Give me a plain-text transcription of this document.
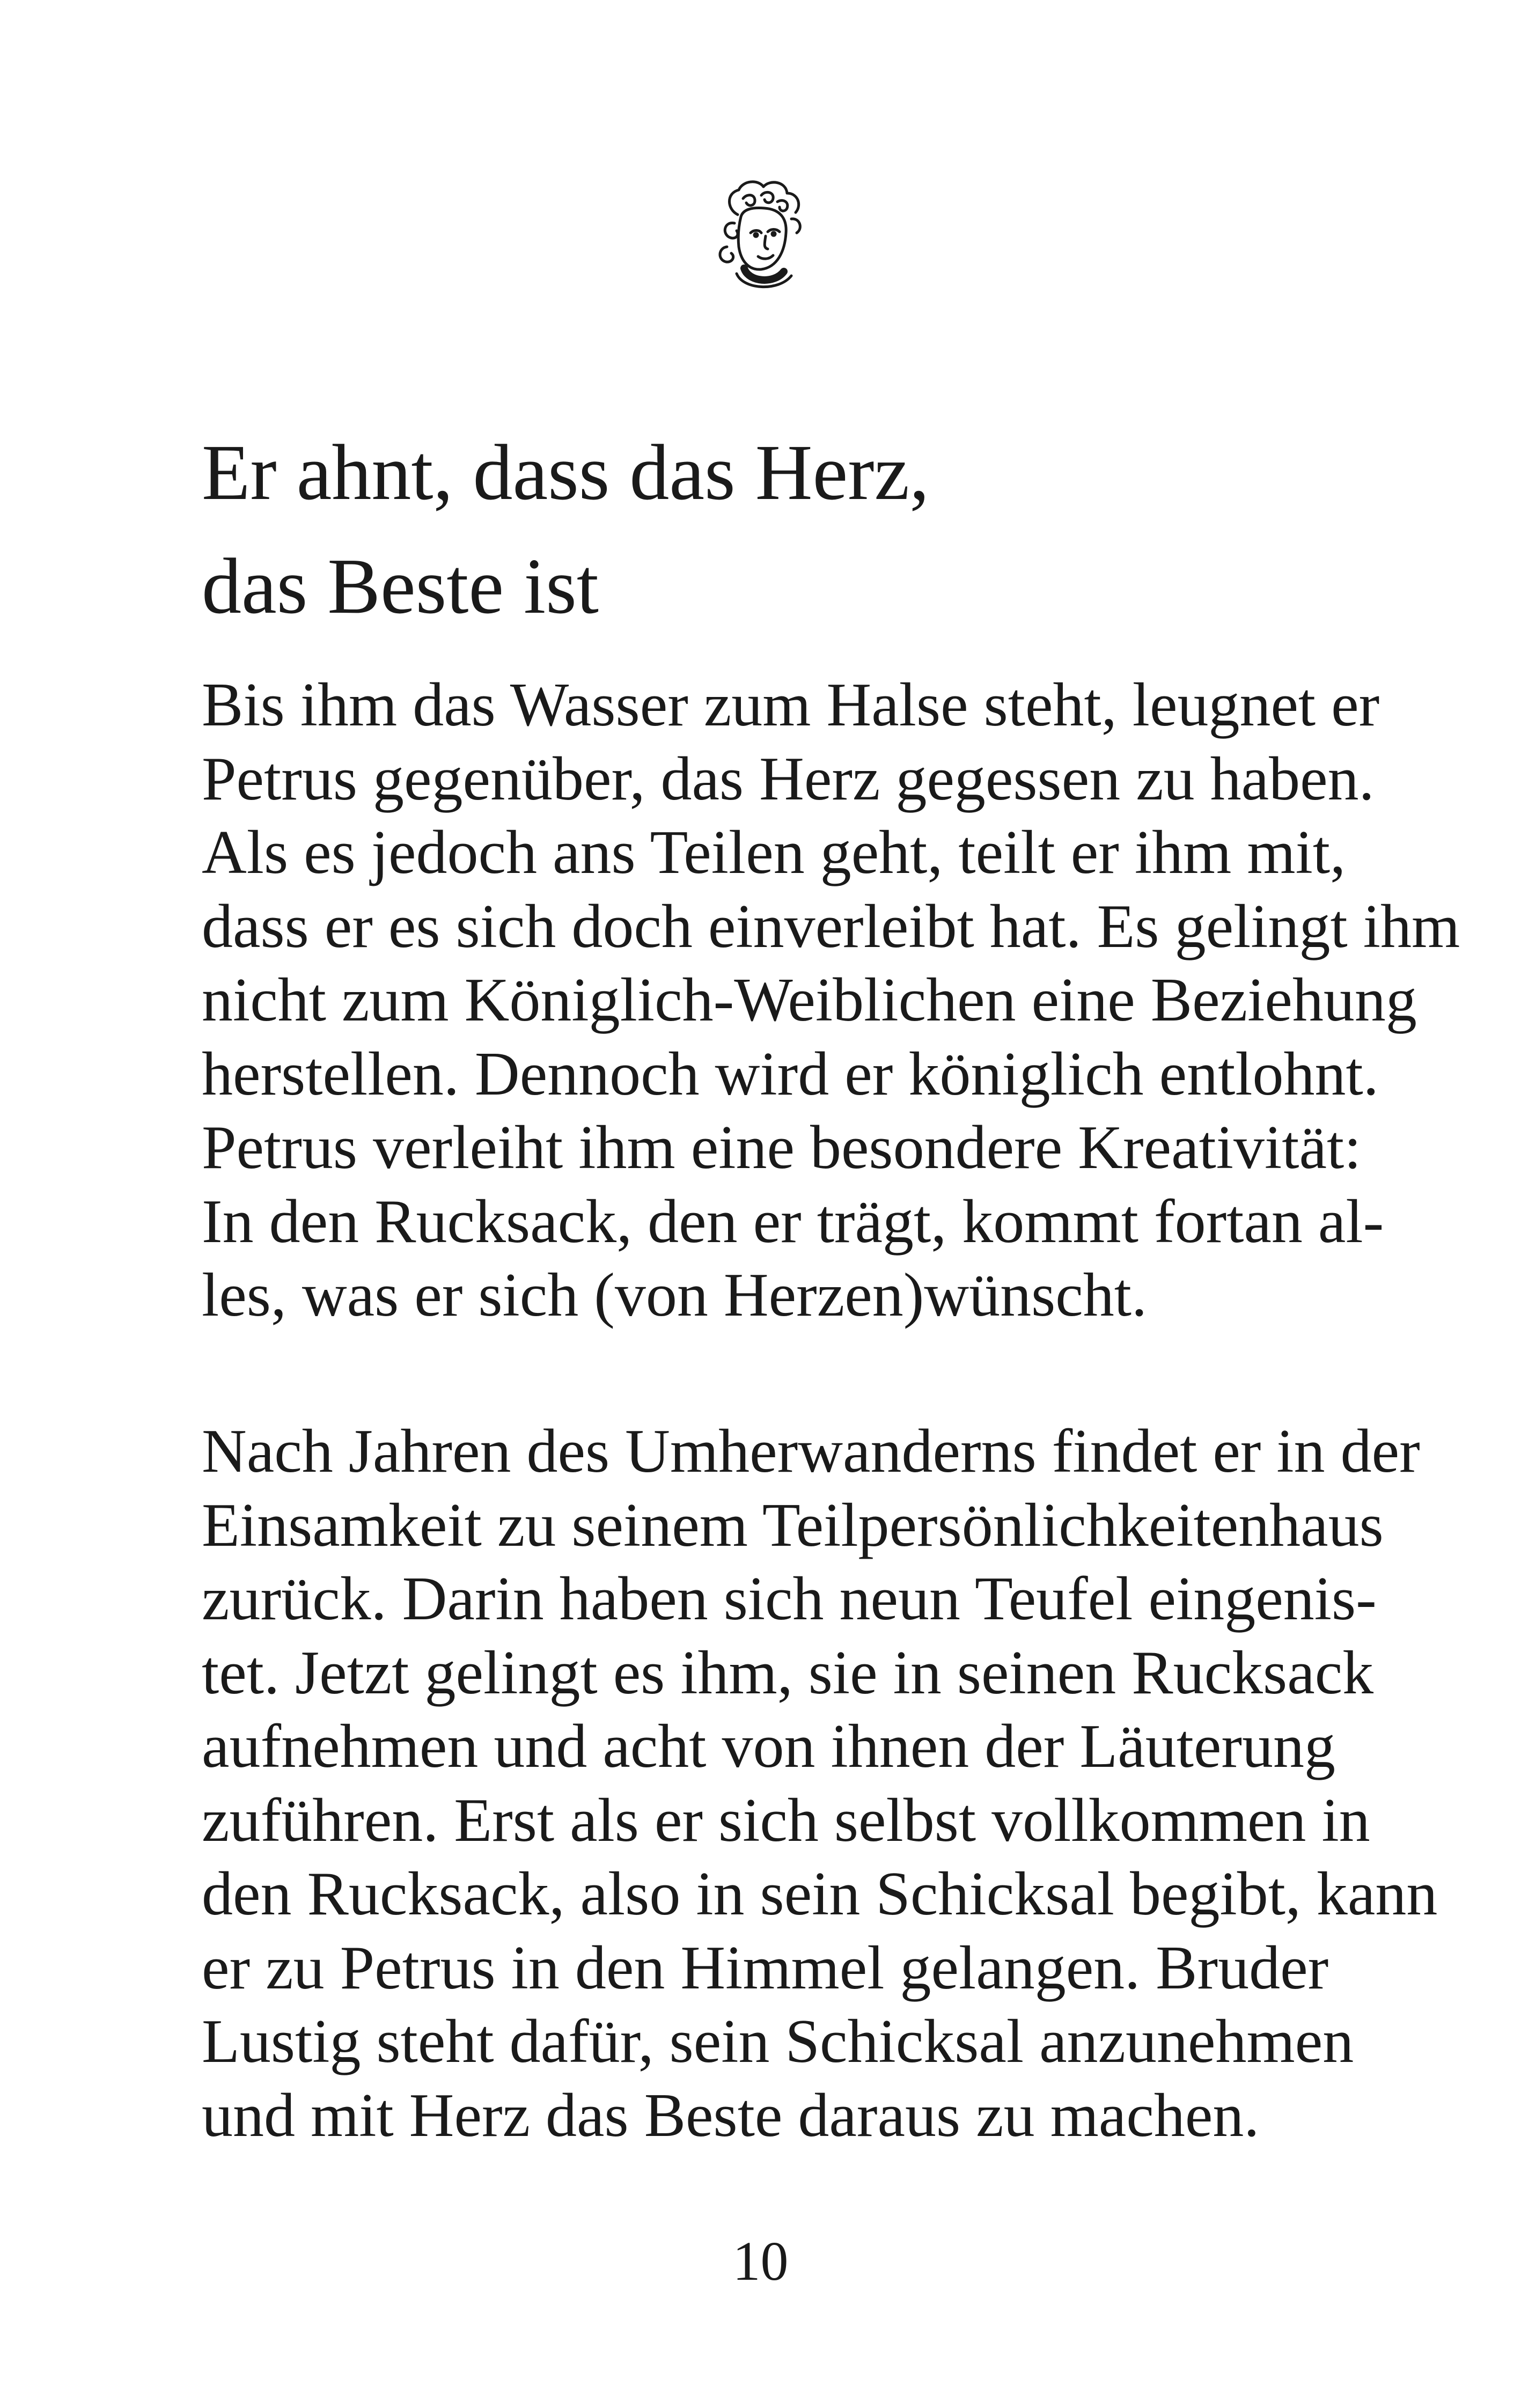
Er ahnt, dass das Herz,
das Beste ist
Bis ihm das Wasser zum Halse steht, leugnet er
Petrus gegenüber, das Herz gegessen zu haben.
Als es jedoch ans Teilen geht, teilt er ihm mit,
dass er es sich doch einverleibt hat. Es gelingt ihm
nicht zum Königlich-Weiblichen eine Beziehung
herstellen. Dennoch wird er königlich entlohnt.
Petrus verleiht ihm eine besondere Kreativität:
In den Rucksack, den er trägt, kommt fortan al-
les, was er sich (von Herzen)wünscht.
Nach Jahren des Umherwanderns findet er in der
Einsamkeit zu seinem Teilpersönlichkeitenhaus
zurück. Darin haben sich neun Teufel eingenis-
tet. Jetzt gelingt es ihm, sie in seinen Rucksack
aufnehmen und acht von ihnen der Läuterung
zuführen. Erst als er sich selbst vollkommen in
den Rucksack, also in sein Schicksal begibt, kann
er zu Petrus in den Himmel gelangen. Bruder
Lustig steht dafür, sein Schicksal anzunehmen
und mit Herz das Beste daraus zu machen.
10
